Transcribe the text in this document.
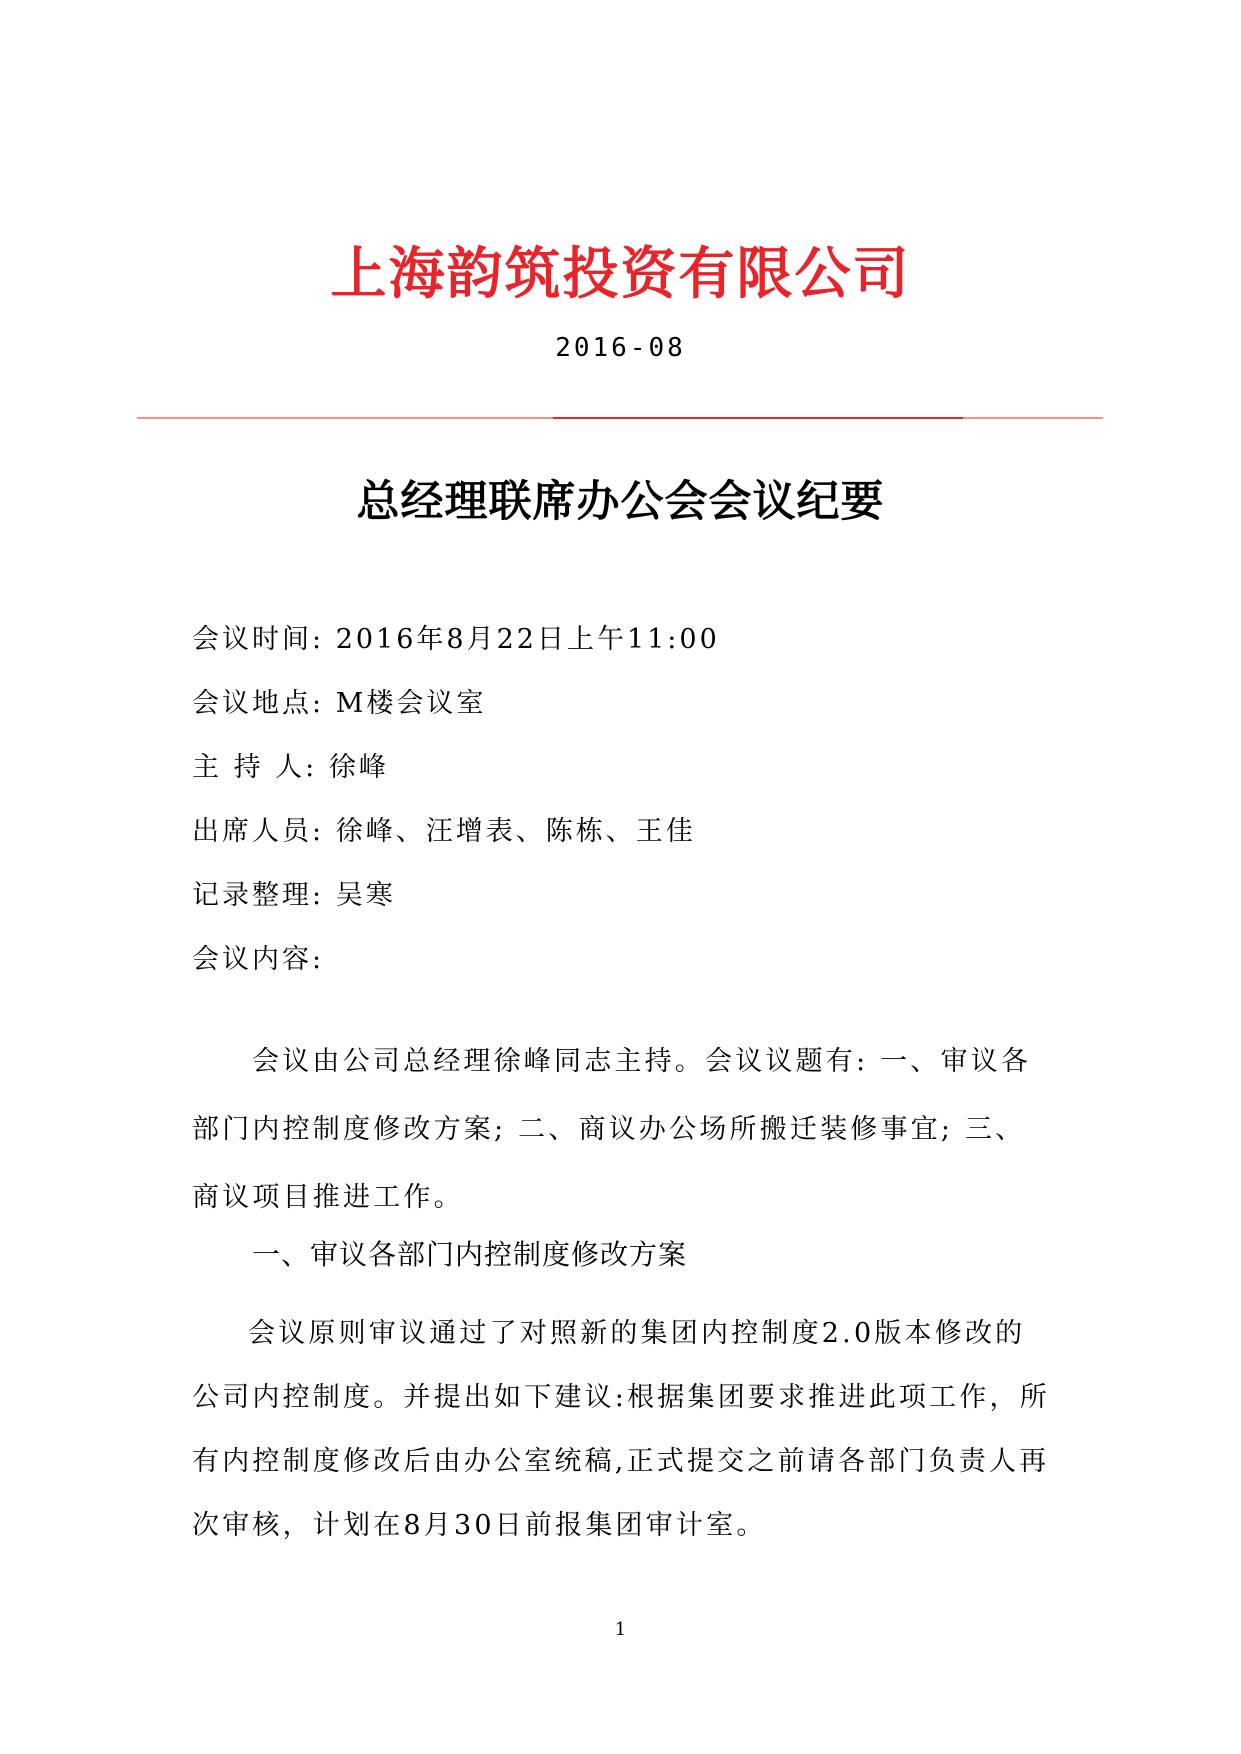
上海韵筑投资有限公司
2016-08
总经理联席办公会会议纪要
会议时间: 2016年8月22日上午11:00
会议地点: M楼会议室
主 持 人: 徐峰
出席人员: 徐峰、汪增表、陈栋、王佳
记录整理: 吴寒
会议内容:
会议由公司总经理徐峰同志主持。会议议题有: 一、审议各部门内控制度修改方案; 二、商议办公场所搬迁装修事宜; 三、商议项目推进工作。
一、审议各部门内控制度修改方案
会议原则审议通过了对照新的集团内控制度2.0版本修改的公司内控制度。并提出如下建议:根据集团要求推进此项工作，所有内控制度修改后由办公室统稿,正式提交之前请各部门负责人再次审核，计划在8月30日前报集团审计室。
1
